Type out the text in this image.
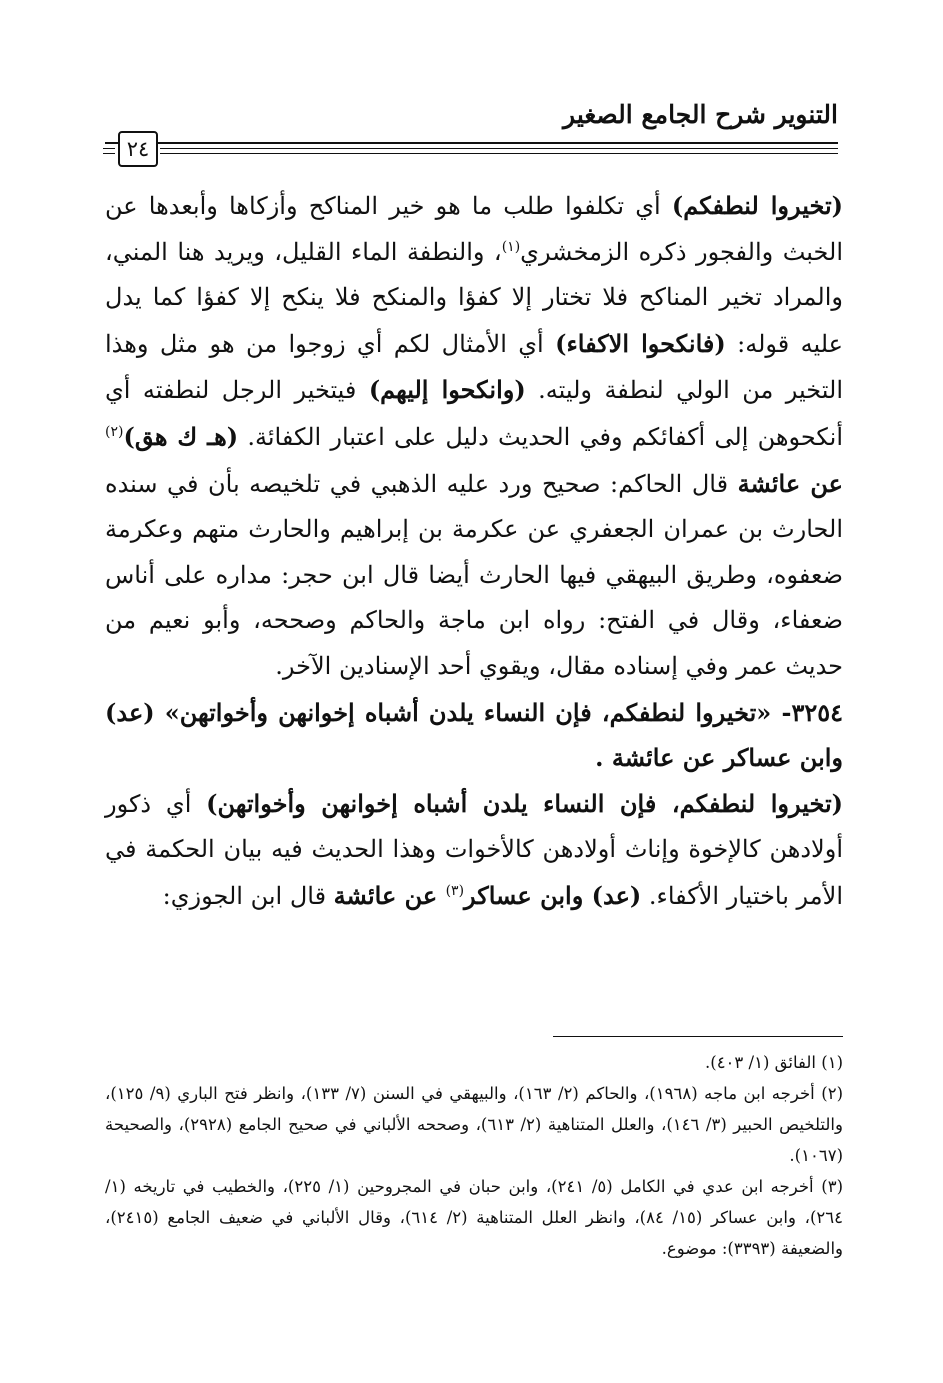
التنوير شرح الجامع الصغير
٢٤

(تخيروا لنطفكم) أي تكلفوا طلب ما هو خير المناكح وأزكاها وأبعدها عن الخبث والفجور ذكره الزمخشري$^{(١)}$، والنطفة الماء القليل، ويريد هنا المني، والمراد تخير المناكح فلا تختار إلا كفؤا والمنكح فلا ينكح إلا كفؤا كما يدل عليه قوله: (فانكحوا الاكفاء) أي الأمثال لكم أي زوجوا من هو مثل وهذا التخير من الولي لنطفة وليته. (وانكحوا إليهم) فيتخير الرجل لنطفته أي أنكحوهن إلى أكفائكم وفي الحديث دليل على اعتبار الكفائة. (هـ ك هق)$^{(٢)}$ عن عائشة قال الحاكم: صحيح ورد عليه الذهبي في تلخيصه بأن في سنده الحارث بن عمران الجعفري عن عكرمة بن إبراهيم والحارث متهم وعكرمة ضعفوه، وطريق البيهقي فيها الحارث أيضا قال ابن حجر: مداره على أناس ضعفاء، وقال في الفتح: رواه ابن ماجة والحاكم وصححه، وأبو نعيم من حديث عمر وفي إسناده مقال، ويقوي أحد الإسنادين الآخر.

٣٢٥٤- «تخيروا لنطفكم، فإن النساء يلدن أشباه إخوانهن وأخواتهن» (عد) وابن عساكر عن عائشة .

(تخيروا لنطفكم، فإن النساء يلدن أشباه إخوانهن وأخواتهن) أي ذكور أولادهن كالإخوة وإناث أولادهن كالأخوات وهذا الحديث فيه بيان الحكمة في الأمر باختيار الأكفاء. (عد) وابن عساكر$^{(٣)}$ عن عائشة قال ابن الجوزي:

(١) الفائق (١/ ٤٠٣).

(٢) أخرجه ابن ماجه (١٩٦٨)، والحاكم (٢/ ١٦٣)، والبيهقي في السنن (٧/ ١٣٣)، وانظر فتح الباري (٩/ ١٢٥)، والتلخيص الحبير (٣/ ١٤٦)، والعلل المتناهية (٢/ ٦١٣)، وصححه الألباني في صحيح الجامع (٢٩٢٨)، والصحيحة (١٠٦٧).

(٣) أخرجه ابن عدي في الكامل (٥/ ٢٤١)، وابن حبان في المجروحين (١/ ٢٢٥)، والخطيب في تاريخه (١/ ٢٦٤)، وابن عساكر (١٥/ ٨٤)، وانظر العلل المتناهية (٢/ ٦١٤)، وقال الألباني في ضعيف الجامع (٢٤١٥)، والضعيفة (٣٣٩٣): موضوع.
